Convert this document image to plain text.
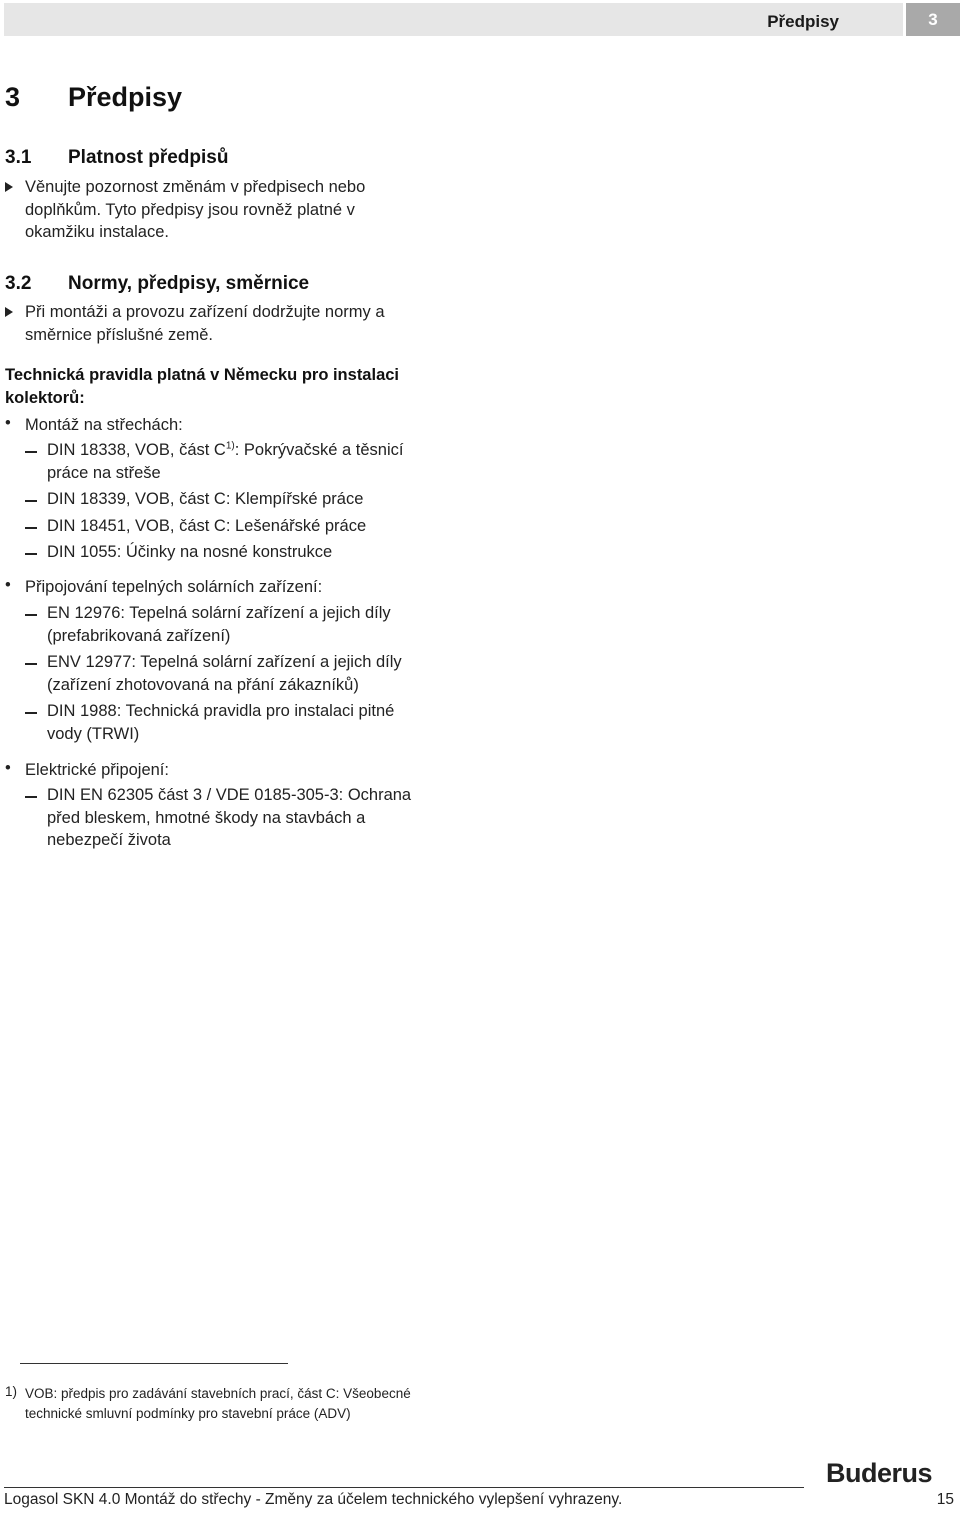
Předpisy	3
3 Předpisy
3.1 Platnost předpisů
Věnujte pozornost změnám v předpisech nebo
doplňkům. Tyto předpisy jsou rovněž platné v
okamžiku instalace.
3.2 Normy, předpisy, směrnice
Při montáži a provozu zařízení dodržujte normy a
směrnice příslušné země.
Technická pravidla platná v Německu pro instalaci
kolektorů:
• Montáž na střechách:
DIN 18338, VOB, část $C^{1)}$: Pokrývačské a těsnicí
práce na střeše
DIN 18339, VOB, část C: Klempířské práce
DIN 18451, VOB, část C: Lešenářské práce
DIN 1055: Účinky na nosné konstrukce
• Připojování tepelných solárních zařízení:
EN 12976: Tepelná solární zařízení a jejich díly
(prefabrikovaná zařízení)
ENV 12977: Tepelná solární zařízení a jejich díly
(zařízení zhotovovaná na přání zákazníků)
DIN 1988: Technická pravidla pro instalaci pitné
vody (TRWI)
• Elektrické připojení:
DIN EN 62305 část 3 / VDE 0185-305-3: Ochrana
před bleskem, hmotné škody na stavbách a
nebezpečí života
1) VOB: předpis pro zadávání stavebních prací, část C: Všeobecné
technické smluvní podmínky pro stavební práce (ADV)
Buderus
Logasol SKN 4.0 Montáž do střechy - Změny za účelem technického vylepšení vyhrazeny.	15
